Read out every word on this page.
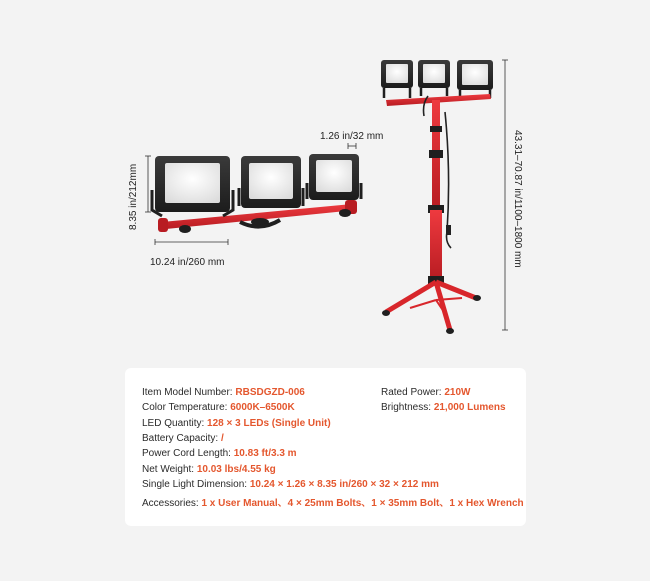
1.26 in/32 mm
8.35 in/212mm
10.24 in/260 mm	43.31–70.87 in/1100–1800 mm
Item Model Number: RBSDGZD-006
Color Temperature: 6000K–6500K
LED Quantity: 128 × 3 LEDs (Single Unit)
Battery Capacity: /
Power Cord Length: 10.83 ft/3.3 m
Net Weight: 10.03 lbs/4.55 kg
Single Light Dimension: 10.24 × 1.26 × 8.35 in/260 × 32 × 212 mm
Accessories: 1 x User Manual、4 × 25mm Bolts、1 × 35mm Bolt、1 x Hex Wrench
Rated Power: 210W
Brightness: 21,000 Lumens
